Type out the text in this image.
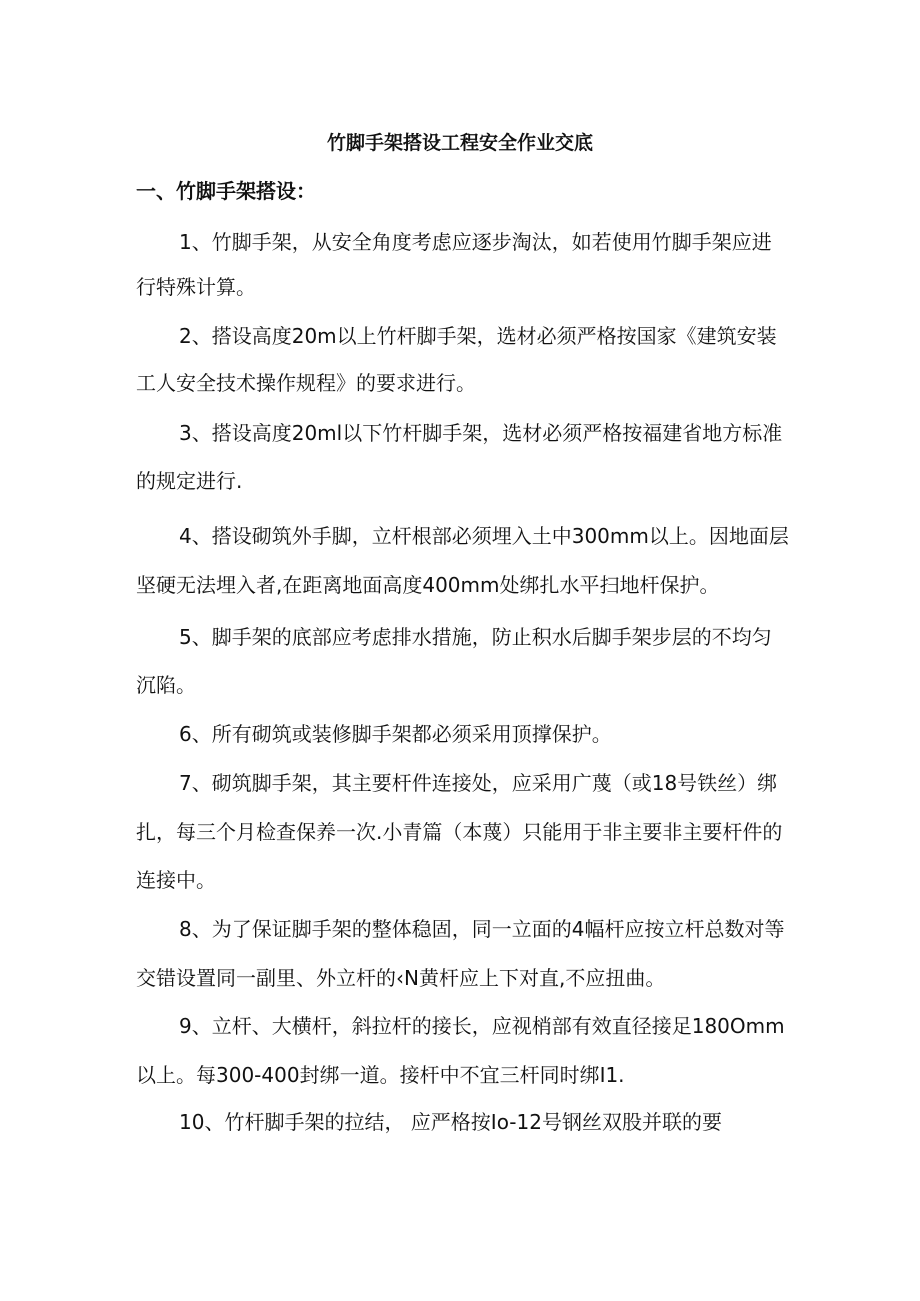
竹脚手架搭设工程安全作业交底
一、竹脚手架搭设：
1、竹脚手架，从安全角度考虑应逐步淘汰，如若使用竹脚手架应进
行特殊计算。
2、搭设高度20m以上竹杆脚手架，选材必须严格按国家《建筑安装
工人安全技术操作规程》的要求进行。
3、搭设高度20ml以下竹杆脚手架，选材必须严格按福建省地方标准
的规定进行.
4、搭设砌筑外手脚，立杆根部必须埋入土中300mm以上。因地面层
坚硬无法埋入者,在距离地面高度400mm处绑扎水平扫地杆保护。
5、脚手架的底部应考虑排水措施，防止积水后脚手架步层的不均匀
沉陷。
6、所有砌筑或装修脚手架都必须采用顶撑保护。
7、砌筑脚手架，其主要杆件连接处，应采用广蔑（或18号铁丝）绑
扎，每三个月检查保养一次.小青篇（本蔑）只能用于非主要非主要杆件的
连接中。
8、为了保证脚手架的整体稳固，同一立面的4幅杆应按立杆总数对等
交错设置同一副里、外立杆的‹N黄杆应上下对直,不应扭曲。
9、立杆、大横杆，斜拉杆的接长，应视梢部有效直径接足180Omm
以上。每300-400封绑一道。接杆中不宜三杆同时绑I1.
10、竹杆脚手架的拉结， 应严格按Io-12号钢丝双股并联的要
